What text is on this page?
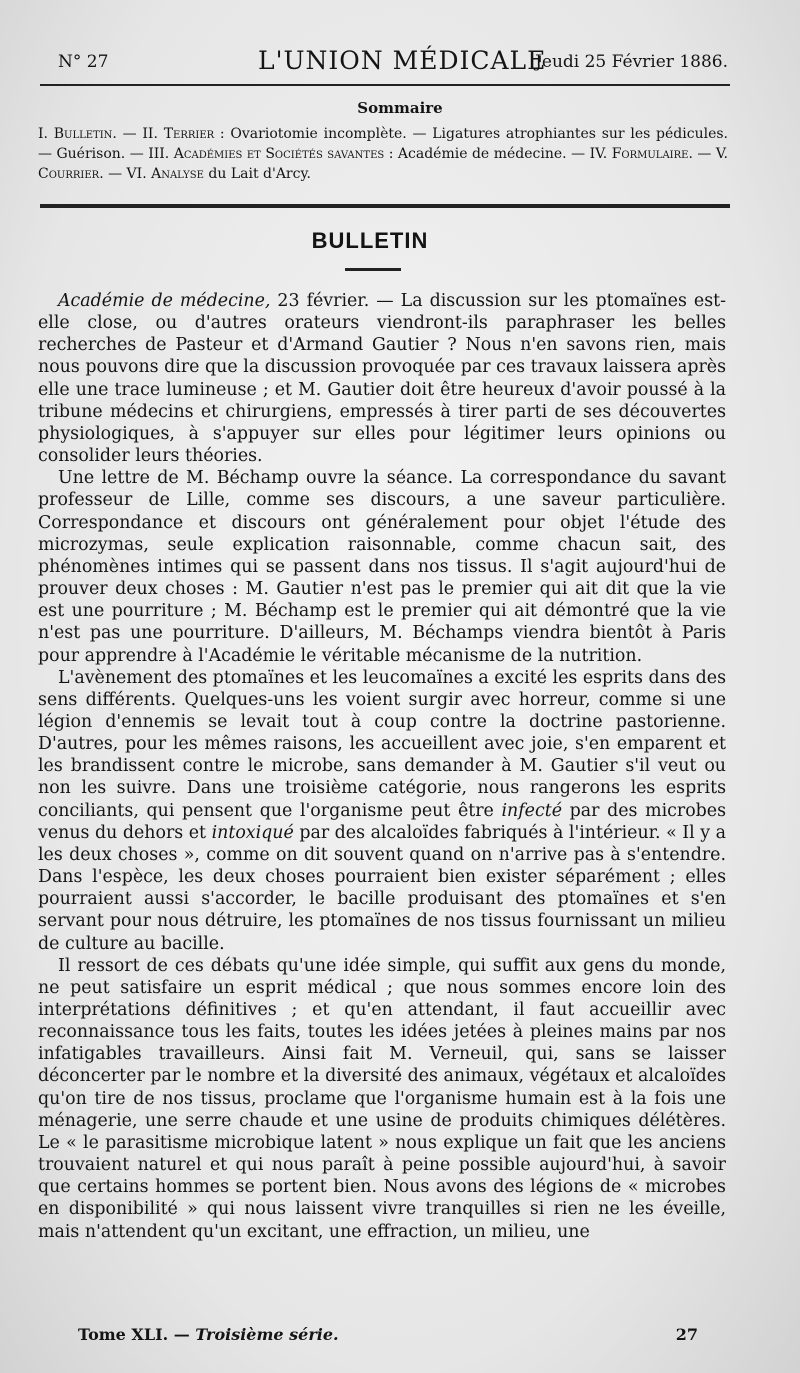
N° 27	L'UNION MÉDICALE
Jeudi 25 Février 1886.
Sommaire
I. Bulletin. — II. Terrier : Ovariotomie incomplète. — Ligatures atrophiantes sur les pédicules. — Guérison. — III. Académies et Sociétés savantes : Académie de médecine. — IV. Formulaire. — V. Courrier. — VI. Analyse du Lait d'Arcy.
BULLETIN

Académie de médecine, 23 février. — La discussion sur les ptomaïnes est-elle close, ou d'autres orateurs viendront-ils paraphraser les belles recherches de Pasteur et d'Armand Gautier ? Nous n'en savons rien, mais nous pouvons dire que la discussion provoquée par ces travaux laissera après elle une trace lumineuse ; et M. Gautier doit être heureux d'avoir poussé à la tribune médecins et chirurgiens, empressés à tirer parti de ses découvertes physiologiques, à s'appuyer sur elles pour légitimer leurs opinions ou consolider leurs théories.

Une lettre de M. Béchamp ouvre la séance. La correspondance du savant professeur de Lille, comme ses discours, a une saveur particulière. Correspondance et discours ont généralement pour objet l'étude des microzymas, seule explication raisonnable, comme chacun sait, des phénomènes intimes qui se passent dans nos tissus. Il s'agit aujourd'hui de prouver deux choses : M. Gautier n'est pas le premier qui ait dit que la vie est une pourriture ; M. Béchamp est le premier qui ait démontré que la vie n'est pas une pourriture. D'ailleurs, M. Béchamps viendra bientôt à Paris pour apprendre à l'Académie le véritable mécanisme de la nutrition.

L'avènement des ptomaïnes et les leucomaïnes a excité les esprits dans des sens différents. Quelques-uns les voient surgir avec horreur, comme si une légion d'ennemis se levait tout à coup contre la doctrine pastorienne. D'autres, pour les mêmes raisons, les accueillent avec joie, s'en emparent et les brandissent contre le microbe, sans demander à M. Gautier s'il veut ou non les suivre. Dans une troisième catégorie, nous rangerons les esprits conciliants, qui pensent que l'organisme peut être infecté par des microbes venus du dehors et intoxiqué par des alcaloïdes fabriqués à l'intérieur. « Il y a les deux choses », comme on dit souvent quand on n'arrive pas à s'entendre. Dans l'espèce, les deux choses pourraient bien exister séparément ; elles pourraient aussi s'accorder, le bacille produisant des ptomaïnes et s'en servant pour nous détruire, les ptomaïnes de nos tissus fournissant un milieu de culture au bacille.

Il ressort de ces débats qu'une idée simple, qui suffit aux gens du monde, ne peut satisfaire un esprit médical ; que nous sommes encore loin des interprétations définitives ; et qu'en attendant, il faut accueillir avec reconnaissance tous les faits, toutes les idées jetées à pleines mains par nos infatigables travailleurs. Ainsi fait M. Verneuil, qui, sans se laisser déconcerter par le nombre et la diversité des animaux, végétaux et alcaloïdes qu'on tire de nos tissus, proclame que l'organisme humain est à la fois une ménagerie, une serre chaude et une usine de produits chimiques délétères. Le « le parasitisme microbique latent » nous explique un fait que les anciens trouvaient naturel et qui nous paraît à peine possible aujourd'hui, à savoir que certains hommes se portent bien. Nous avons des légions de « microbes en disponibilité » qui nous laissent vivre tranquilles si rien ne les éveille, mais n'attendent qu'un excitant, une effraction, un milieu, une

Tome XLI. — Troisième série.	27
